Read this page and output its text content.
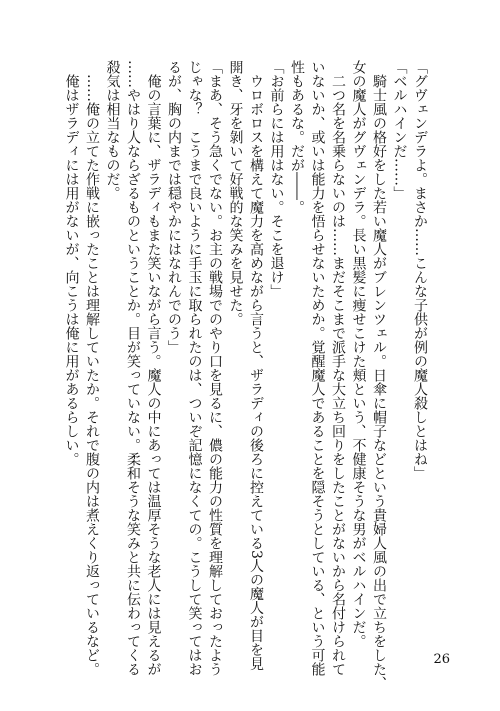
「グヴェンデラよ。まさか……こんな子供が例の魔人殺しとはね」
「ベルハインだ……」
　騎士風の格好をした若い魔人がブレンツェル。日傘に帽子などという貴婦人風の出で立ちをした、
女の魔人がグヴェンデラ。長い黒髪に痩せこけた頬という、不健康そうな男がベルハインだ。
　二つ名を名乗らないのは……まだそこまで派手な大立ち回りをしたことがないから名付けられて
いないか、或いは能力を悟らせないためか。覚醒魔人であることを隠そうとしている、という可能
性もあるな。だが――。
「お前らには用はない。そこを退け」
　ウロボロスを構えて魔力を高めながら言うと、ザラディの後ろに控えている3人の魔人が目を見
開き、牙を剝いて好戦的な笑みを見せた。
「まあ、そう急くでない。お主の戦場でのやり口を見るに、儂の能力の性質を理解しておったよう
じゃな？　こうまで良いように手玉に取られたのは、ついぞ記憶になくての。こうして笑ってはお
るが、胸の内までは穏やかにはなれんでのう」
　俺の言葉に、ザラディもまた笑いながら言う。魔人の中にあっては温厚そうな老人には見えるが
……やはり人ならざるものということか。目が笑っていない。柔和そうな笑みと共に伝わってくる
殺気は相当なものだ。
　……俺の立てた作戦に嵌ったことは理解していたか。それで腹の内は煮えくり返っているなど。
　俺はザラディには用がないが、向こうは俺に用があるらしい。
26
